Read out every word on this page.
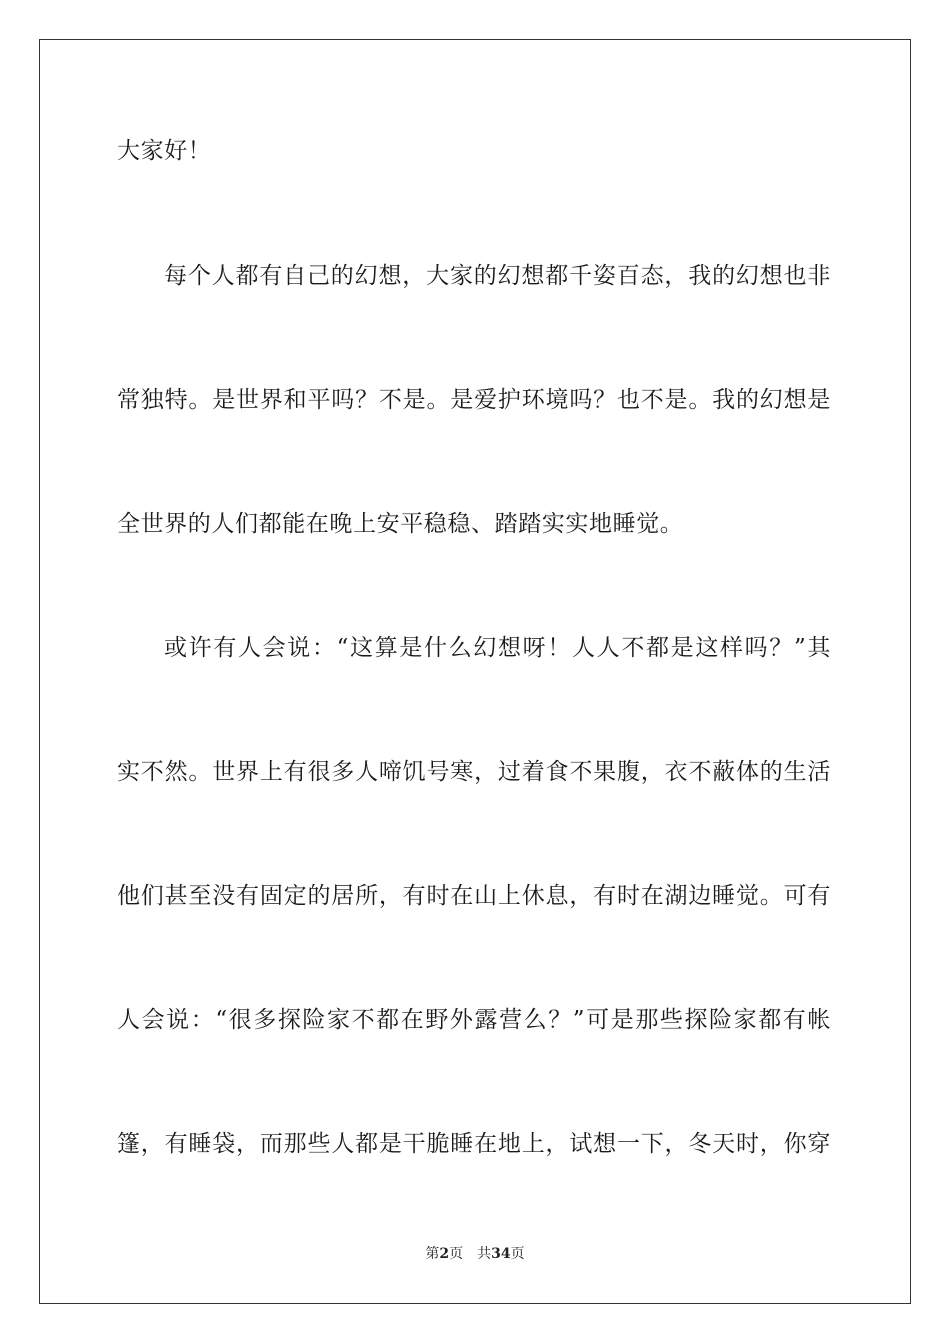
大家好！
每个人都有自己的幻想，大家的幻想都千姿百态，我的幻想也非
常独特。是世界和平吗？不是。是爱护环境吗？也不是。我的幻想是
全世界的人们都能在晚上安平稳稳、踏踏实实地睡觉。
或许有人会说：“这算是什么幻想呀！人人不都是这样吗？”其
实不然。世界上有很多人啼饥号寒，过着食不果腹，衣不蔽体的生活
他们甚至没有固定的居所，有时在山上休息，有时在湖边睡觉。可有
人会说：“很多探险家不都在野外露营么？”可是那些探险家都有帐
篷，有睡袋，而那些人都是干脆睡在地上，试想一下，冬天时，你穿
第2页 共34页
